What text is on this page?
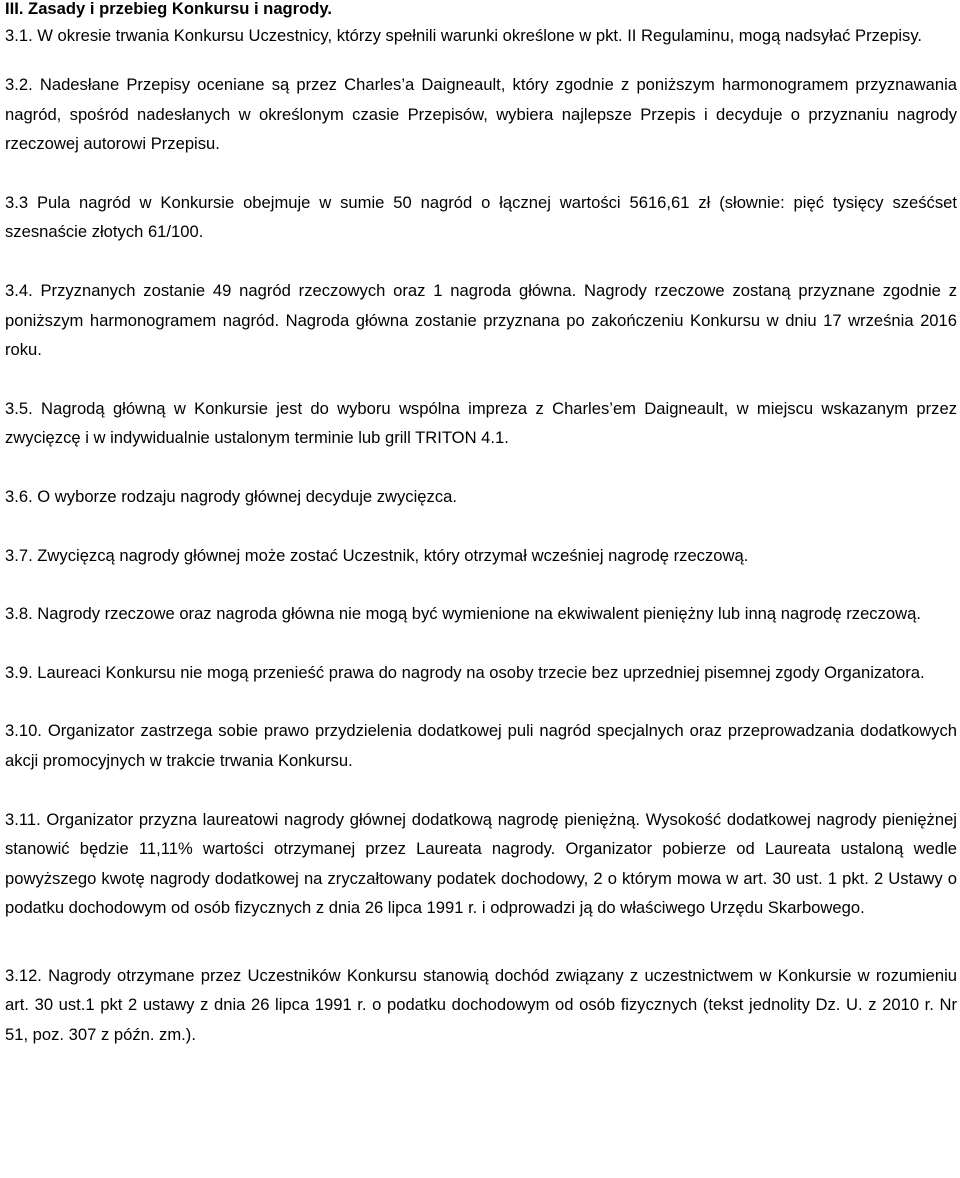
III. Zasady i przebieg Konkursu i nagrody.

3.1. W okresie trwania Konkursu Uczestnicy, którzy spełnili warunki określone w pkt. II Regulaminu, mogą nadsyłać Przepisy.

3.2. Nadesłane Przepisy oceniane są przez Charles’a Daigneault, który zgodnie z poniższym harmonogramem przyznawania nagród, spośród nadesłanych w określonym czasie Przepisów, wybiera najlepsze Przepis i decyduje o przyznaniu nagrody rzeczowej autorowi Przepisu.

3.3 Pula nagród w Konkursie obejmuje w sumie 50 nagród o łącznej wartości 5616,61 zł (słownie: pięć tysięcy sześćset szesnaście złotych 61/100.

3.4. Przyznanych zostanie 49 nagród rzeczowych oraz 1 nagroda główna. Nagrody rzeczowe zostaną przyznane zgodnie z poniższym harmonogramem nagród. Nagroda główna zostanie przyznana po zakończeniu Konkursu w dniu 17 września 2016 roku.

3.5. Nagrodą główną w Konkursie jest do wyboru wspólna impreza z Charles’em Daigneault, w miejscu wskazanym przez zwycięzcę i w indywidualnie ustalonym terminie lub grill TRITON 4.1.

3.6. O wyborze rodzaju nagrody głównej decyduje zwycięzca.

3.7. Zwycięzcą nagrody głównej może zostać Uczestnik, który otrzymał wcześniej nagrodę rzeczową.

3.8. Nagrody rzeczowe oraz nagroda główna nie mogą być wymienione na ekwiwalent pieniężny lub inną nagrodę rzeczową.

3.9. Laureaci Konkursu nie mogą przenieść prawa do nagrody na osoby trzecie bez uprzedniej pisemnej zgody Organizatora.

3.10. Organizator zastrzega sobie prawo przydzielenia dodatkowej puli nagród specjalnych oraz przeprowadzania dodatkowych akcji promocyjnych w trakcie trwania Konkursu.

3.11. Organizator przyzna laureatowi nagrody głównej dodatkową nagrodę pieniężną. Wysokość dodatkowej nagrody pieniężnej stanowić będzie 11,11% wartości otrzymanej przez Laureata nagrody. Organizator pobierze od Laureata ustaloną wedle powyższego kwotę nagrody dodatkowej na zryczałtowany podatek dochodowy, 2 o którym mowa w art. 30 ust. 1 pkt. 2 Ustawy o podatku dochodowym od osób fizycznych z dnia 26 lipca 1991 r. i odprowadzi ją do właściwego Urzędu Skarbowego.

3.12. Nagrody otrzymane przez Uczestników Konkursu stanowią dochód związany z uczestnictwem w Konkursie w rozumieniu art. 30 ust.1 pkt 2 ustawy z dnia 26 lipca 1991 r. o podatku dochodowym od osób fizycznych (tekst jednolity Dz. U. z 2010 r. Nr 51, poz. 307 z późn. zm.).
